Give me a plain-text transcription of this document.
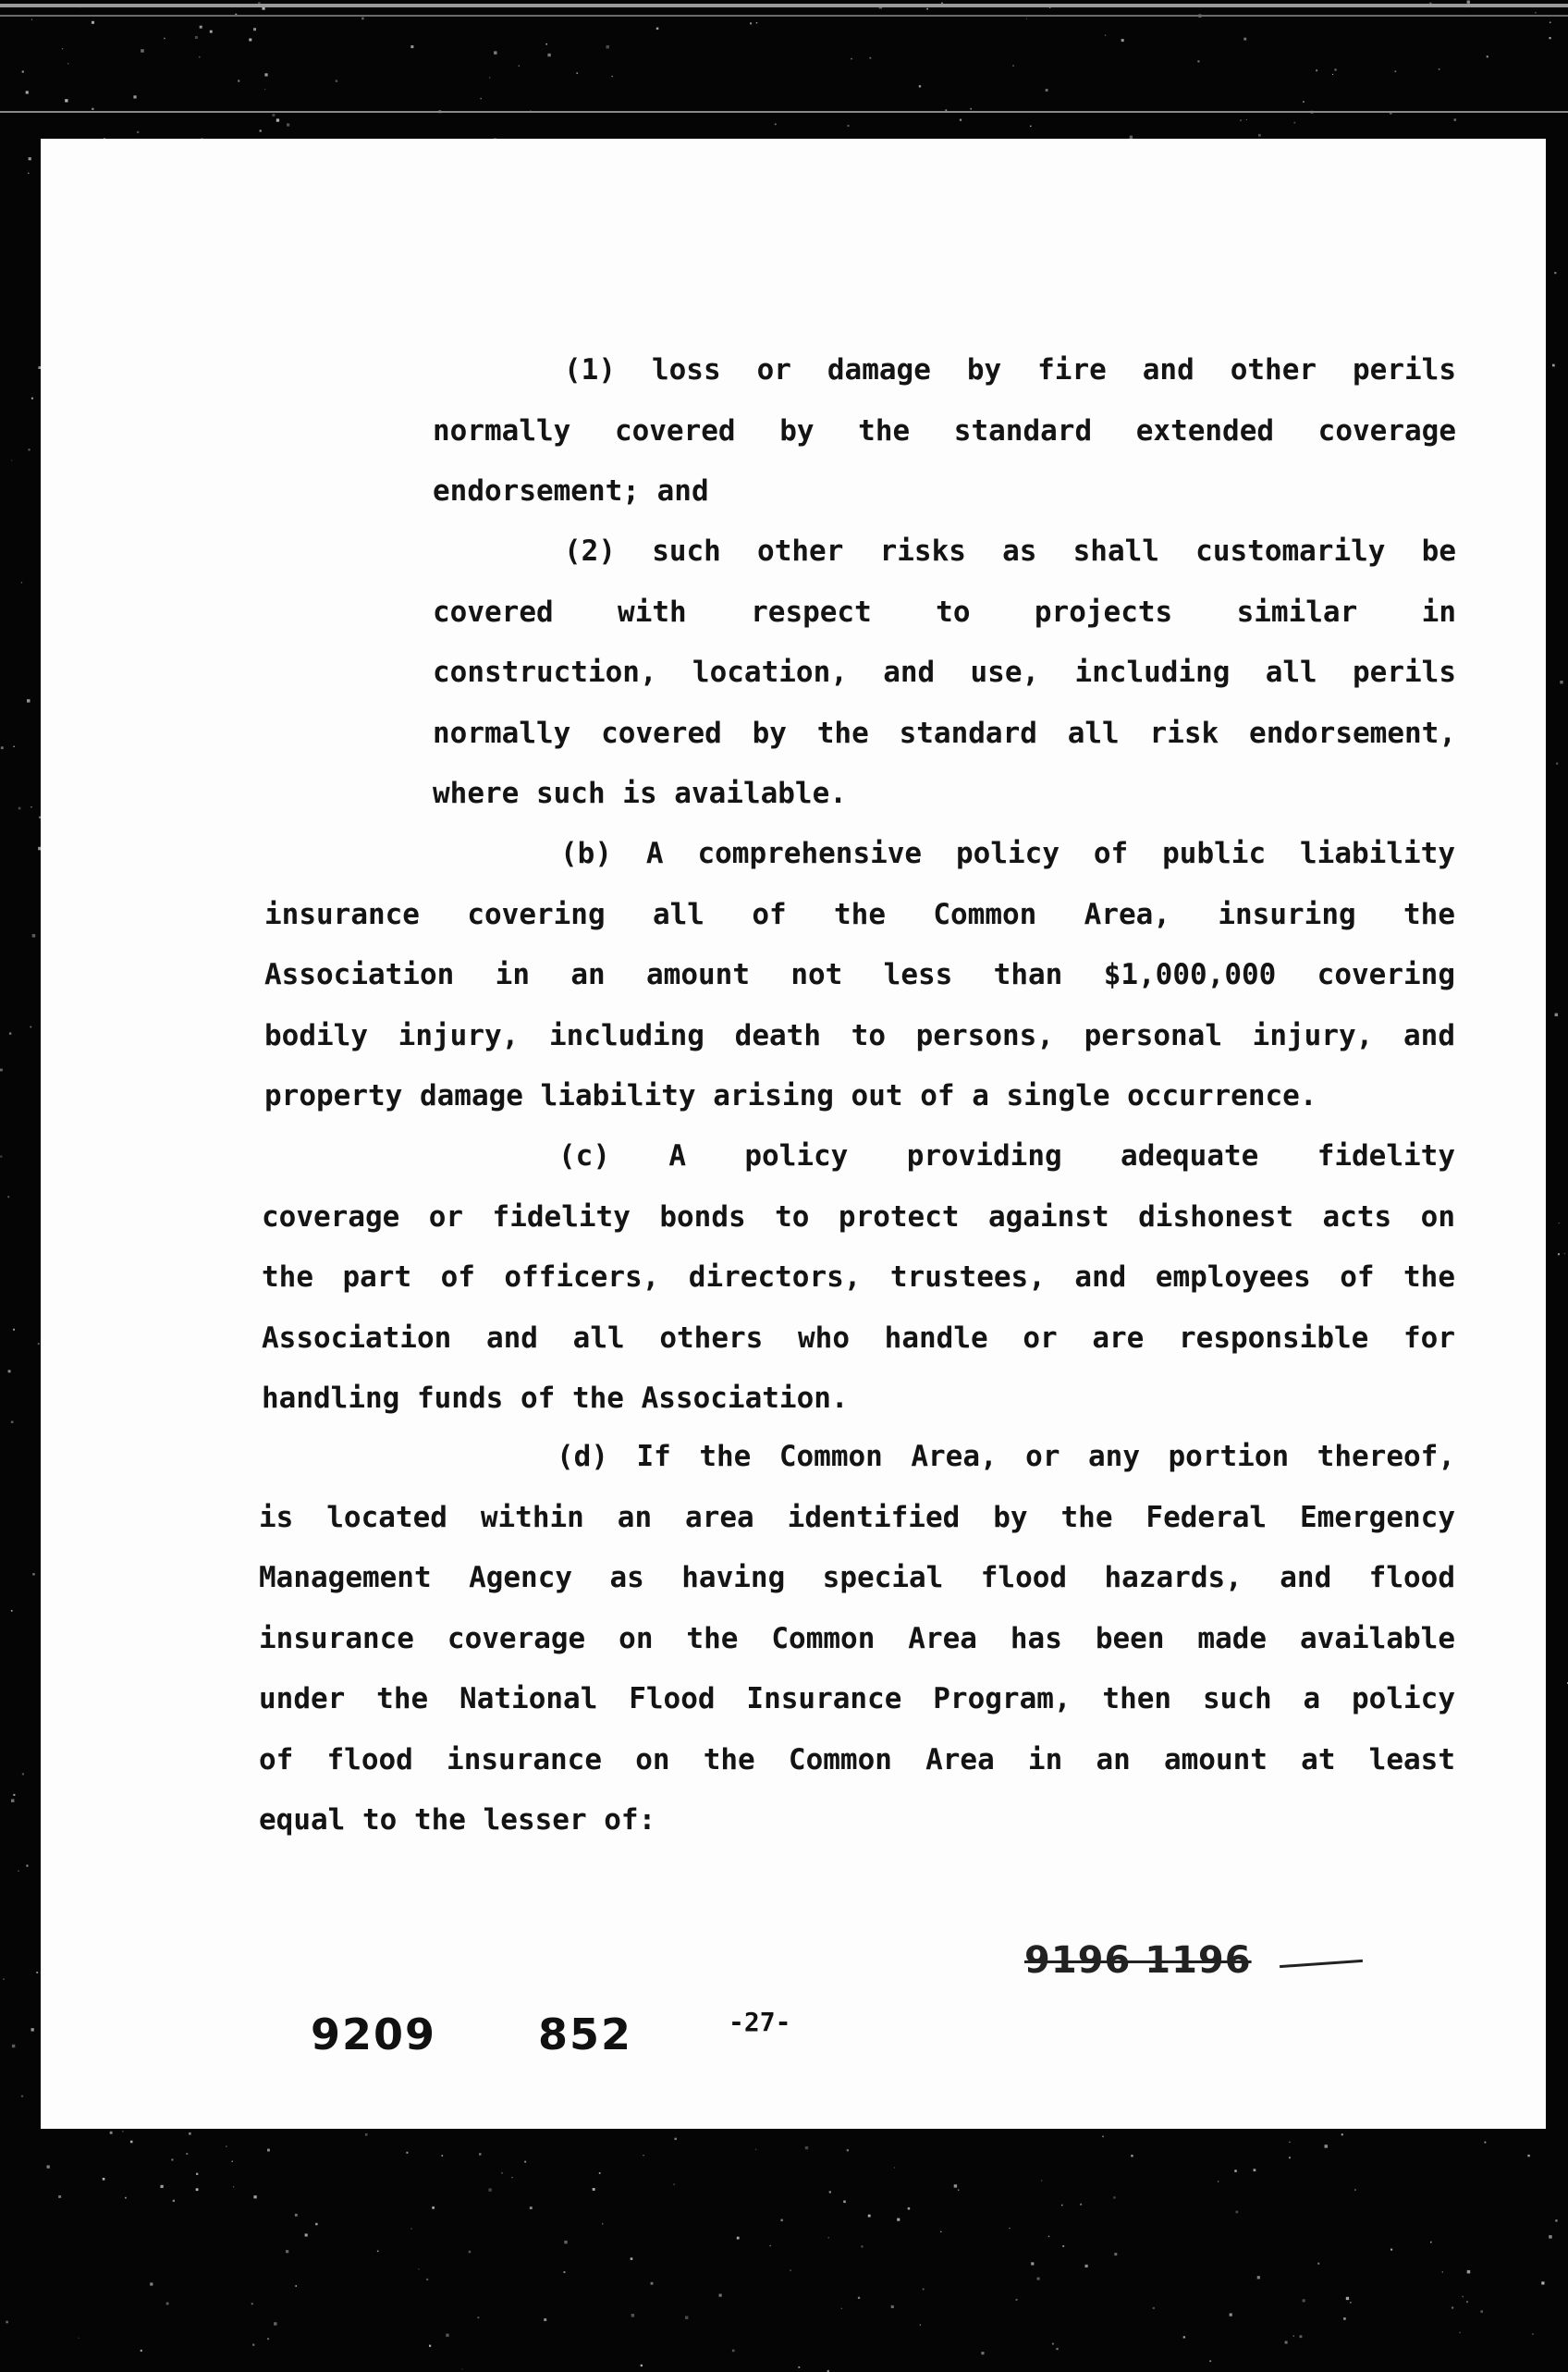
(1) loss or damage by fire and other perils
normally covered by the standard extended coverage
endorsement; and
(2) such other risks as shall customarily be
covered with respect to projects similar in
construction, location, and use, including all perils
normally covered by the standard all risk endorsement,
where such is available.
(b) A comprehensive policy of public liability
insurance covering all of the Common Area, insuring the
Association in an amount not less than $1,000,000 covering
bodily injury, including death to persons, personal injury, and
property damage liability arising out of a single occurrence.
(c) A policy providing adequate fidelity
coverage or fidelity bonds to protect against dishonest acts on
the part of officers, directors, trustees, and employees of the
Association and all others who handle or are responsible for
handling funds of the Association.
(d) If the Common Area, or any portion thereof,
is located within an area identified by the Federal Emergency
Management Agency as having special flood hazards, and flood
insurance coverage on the Common Area has been made available
under the National Flood Insurance Program, then such a policy
of flood insurance on the Common Area in an amount at least
equal to the lesser of:
9196 1196
9209 852	-27-
